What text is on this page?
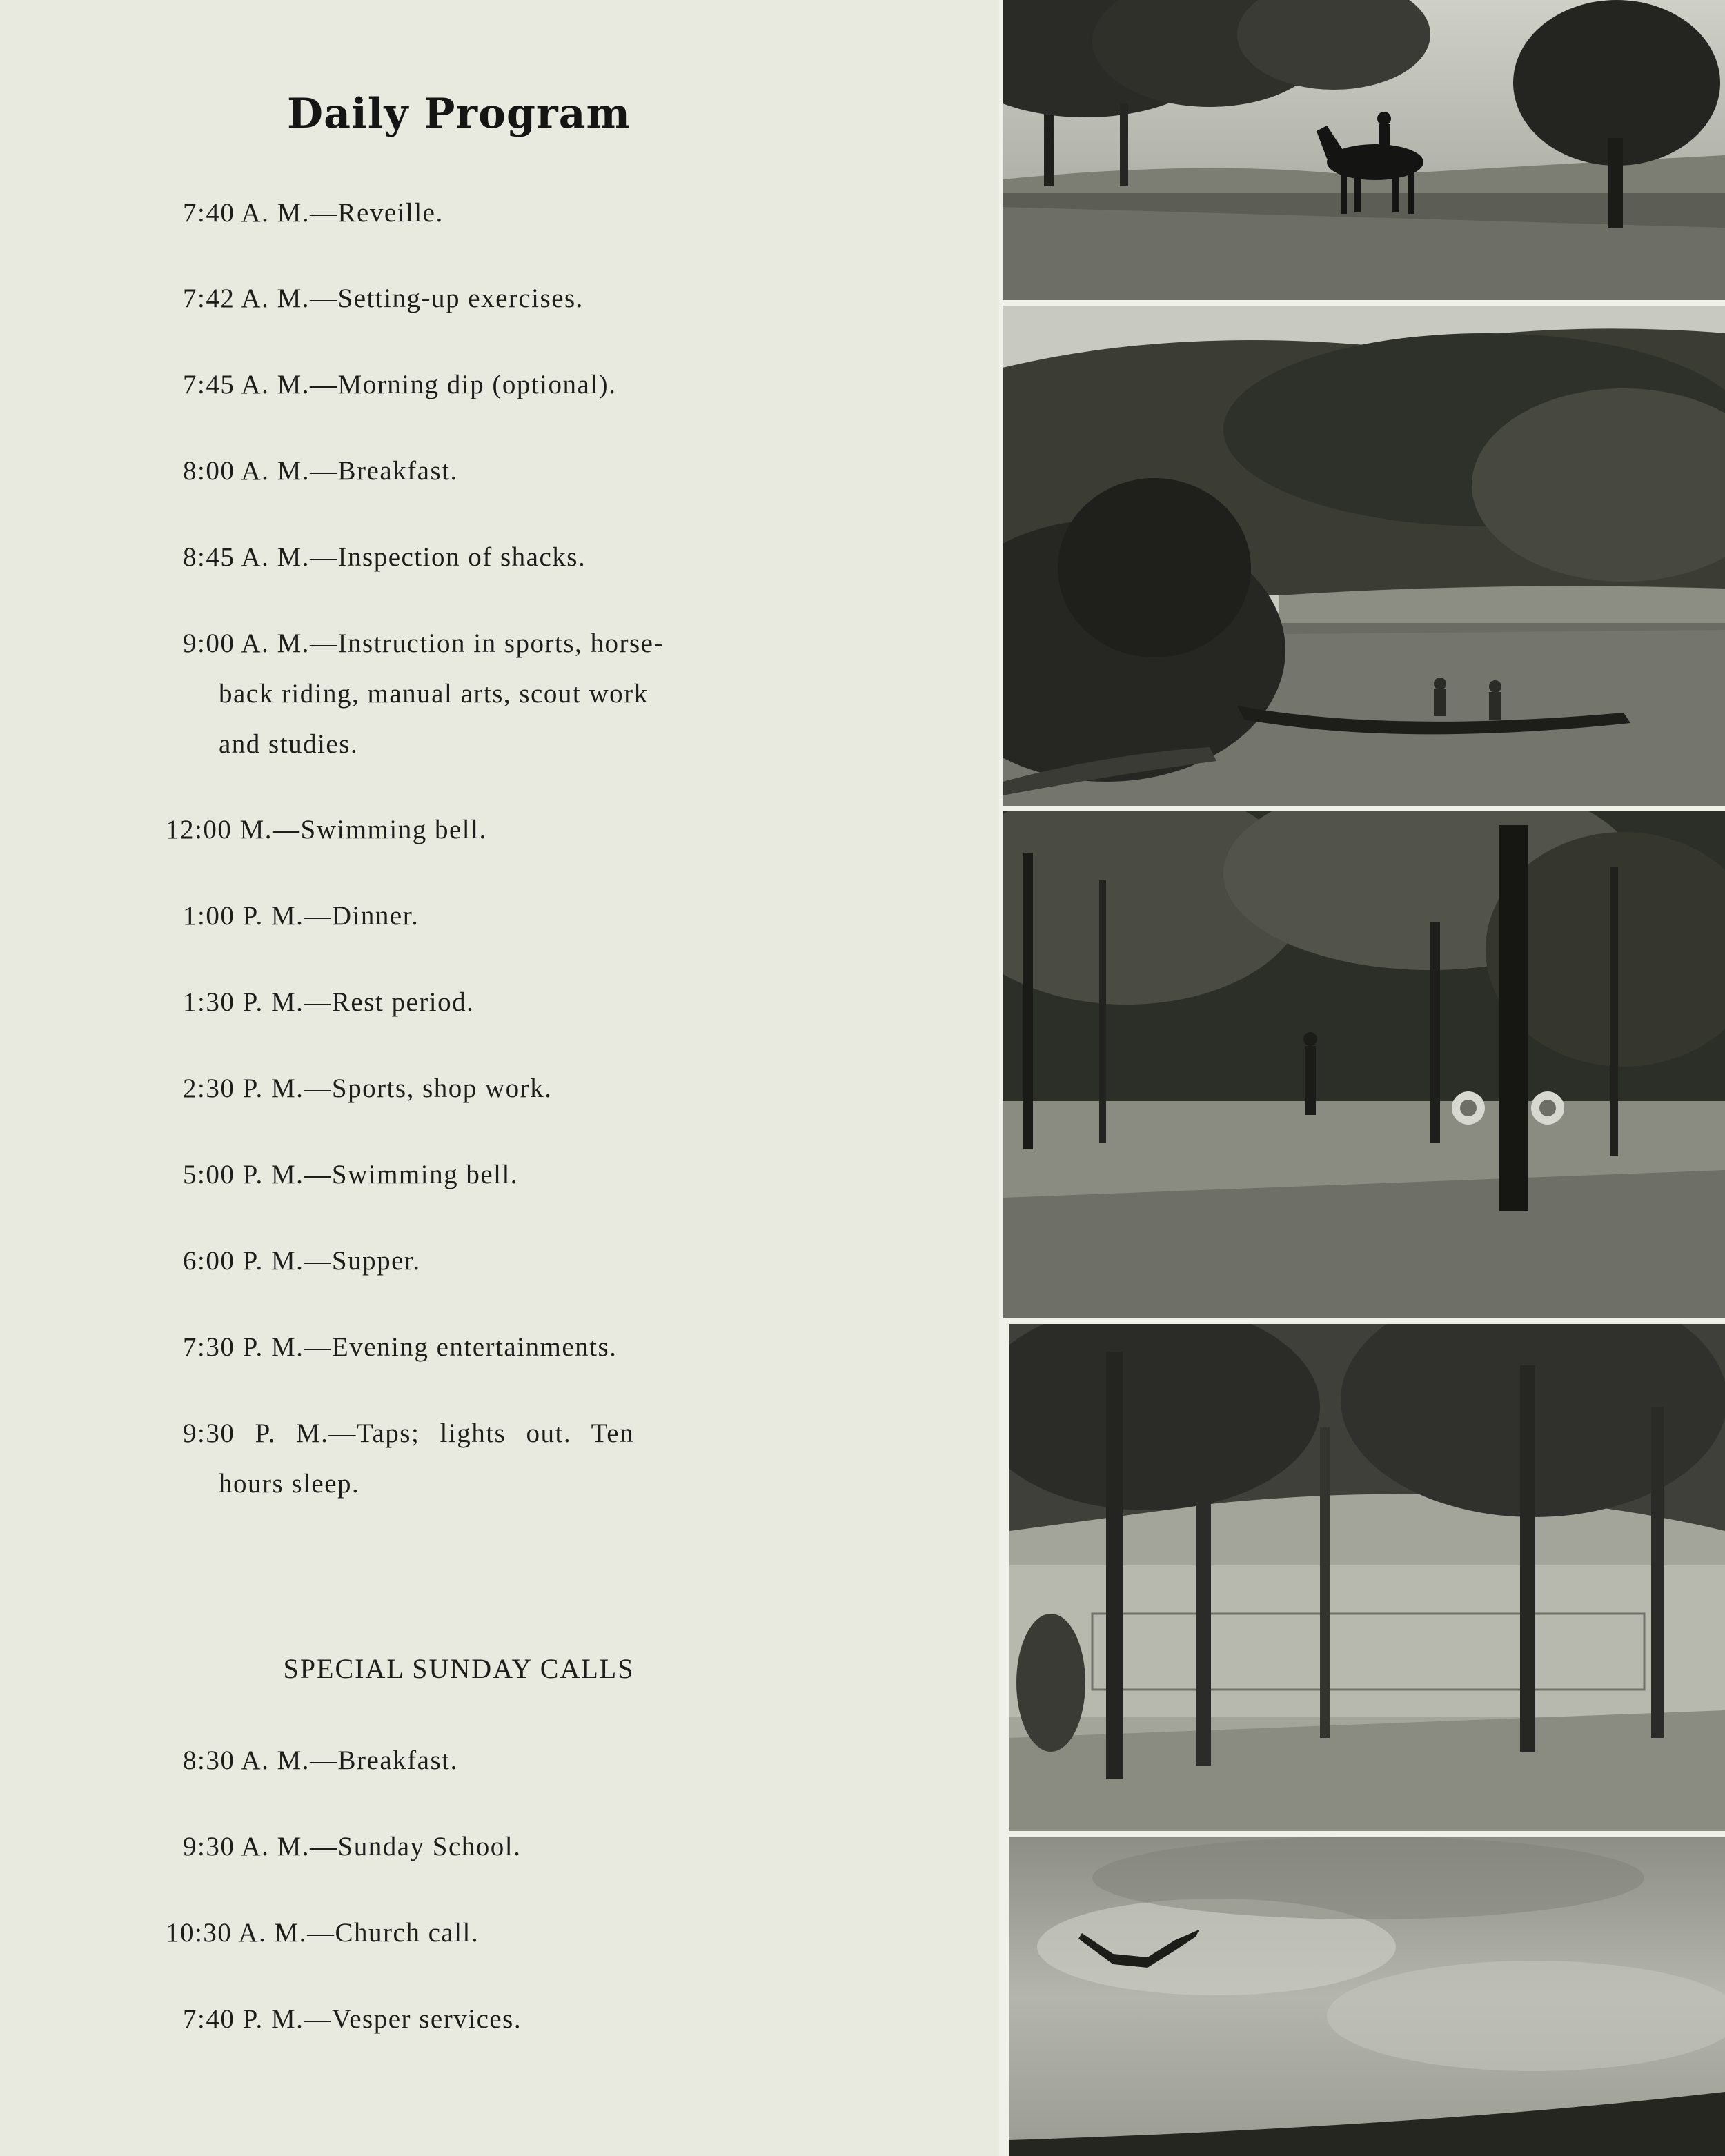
Daily Program
7:40 A. M.—Reveille.
7:42 A. M.—Setting-up exercises.
7:45 A. M.—Morning dip (optional).
8:00 A. M.—Breakfast.
8:45 A. M.—Inspection of shacks.
9:00 A. M.—Instruction in sports, horse-
back riding, manual arts, scout work
and studies.
12:00 M.—Swimming bell.
1:00 P. M.—Dinner.
1:30 P. M.—Rest period.
2:30 P. M.—Sports, shop work.
5:00 P. M.—Swimming bell.
6:00 P. M.—Supper.
7:30 P. M.—Evening entertainments.
9:30 P. M.—Taps; lights out. Ten
hours sleep.
SPECIAL SUNDAY CALLS
8:30 A. M.—Breakfast.
9:30 A. M.—Sunday School.
10:30 A. M.—Church call.
7:40 P. M.—Vesper services.
